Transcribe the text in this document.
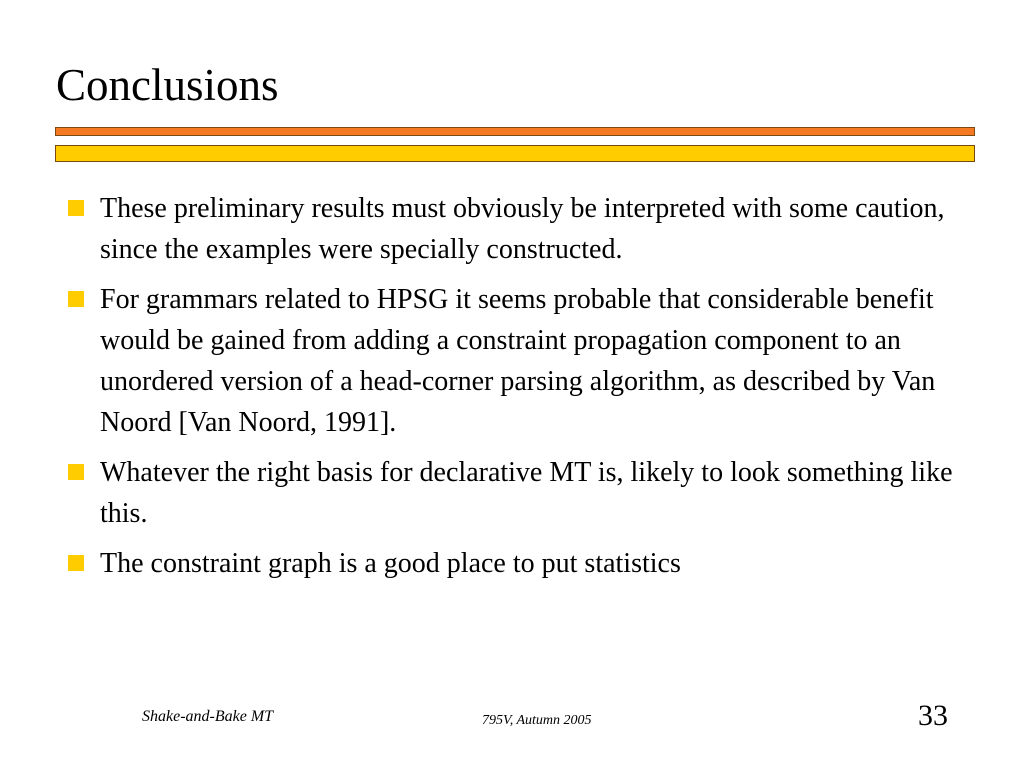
Conclusions
These preliminary results must obviously be interpreted with some caution, since the examples were specially constructed.
For grammars related to HPSG it seems probable that considerable benefit would be gained from adding a constraint propagation component to an unordered version of a head-corner parsing algorithm, as described by Van Noord [Van Noord, 1991].
Whatever the right basis for declarative MT is, likely to look something like this.
The constraint graph is a good place to put statistics
Shake-and-Bake MT	795V, Autumn 2005	33
